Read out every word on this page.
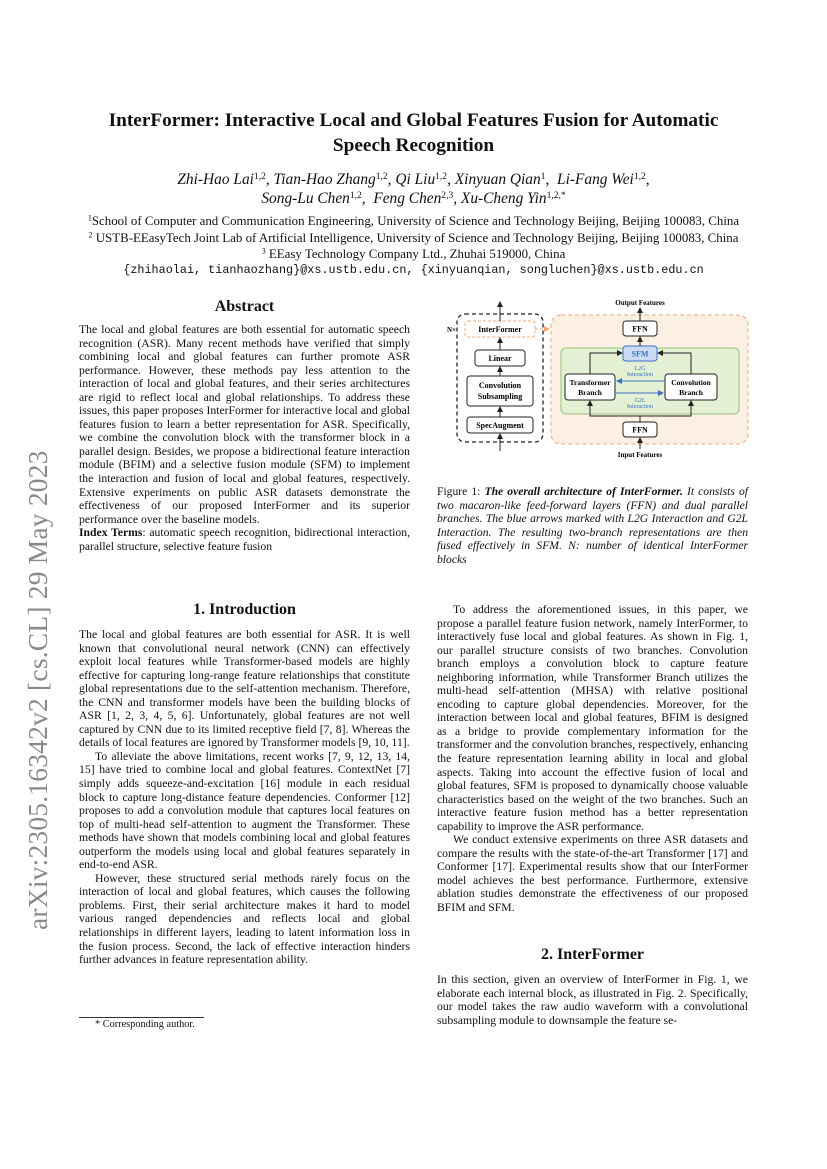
arXiv:2305.16342v2 [cs.CL] 29 May 2023
InterFormer: Interactive Local and Global Features Fusion for Automatic Speech Recognition
Zhi-Hao Lai$^{1,2}$, Tian-Hao Zhang$^{1,2}$, Qi Liu$^{1,2}$, Xinyuan Qian$^1$,  Li-Fang Wei$^{1,2}$,
Song-Lu Chen$^{1,2}$,  Feng Chen$^{2,3}$, Xu-Cheng Yin$^{1,2,*}$
$^1$School of Computer and Communication Engineering, University of Science and Technology Beijing, Beijing 100083, China
$^2$ USTB-EEasyTech Joint Lab of Artificial Intelligence, University of Science and Technology Beijing, Beijing 100083, China
$^3$ EEasy Technology Company Ltd., Zhuhai 519000, China
{zhihaolai, tianhaozhang}@xs.ustb.edu.cn, {xinyuanqian, songluchen}@xs.ustb.edu.cn
Abstract

The local and global features are both essential for automatic speech recognition (ASR). Many recent methods have verified that simply combining local and global features can further promote ASR performance. However, these methods pay less attention to the interaction of local and global features, and their series architectures are rigid to reflect local and global relationships. To address these issues, this paper proposes InterFormer for interactive local and global features fusion to learn a better representation for ASR. Specifically, we combine the convolution block with the transformer block in a parallel design. Besides, we propose a bidirectional feature interaction module (BFIM) and a selective fusion module (SFM) to implement the interaction and fusion of local and global features, respectively. Extensive experiments on public ASR datasets demonstrate the effectiveness of our proposed InterFormer and its superior performance over the baseline models.

Index Terms: automatic speech recognition, bidirectional interaction, parallel structure, selective feature fusion

1. Introduction

The local and global features are both essential for ASR. It is well known that convolutional neural network (CNN) can effectively exploit local features while Transformer-based models are highly effective for capturing long-range feature relationships that constitute global representations due to the self-attention mechanism. Therefore, the CNN and transformer models have been the building blocks of ASR [1, 2, 3, 4, 5, 6]. Unfortunately, global features are not well captured by CNN due to its limited receptive field [7, 8]. Whereas the details of local features are ignored by Transformer models [9, 10, 11].

To alleviate the above limitations, recent works [7, 9, 12, 13, 14, 15] have tried to combine local and global features. ContextNet [7] simply adds squeeze-and-excitation [16] module in each residual block to capture long-distance feature dependencies. Conformer [12] proposes to add a convolution module that captures local features on top of multi-head self-attention to augment the Transformer. These methods have shown that models combining local and global features outperform the models using local and global features separately in end-to-end ASR.

However, these structured serial methods rarely focus on the interaction of local and global features, which causes the following problems. First, their serial architecture makes it hard to model various ranged dependencies and reflects local and global relationships in different layers, leading to latent information loss in the fusion process. Second, the lack of effective interaction hinders further advances in feature representation ability.

* Corresponding author.
N×	InterFormer
Linear
Convolution
Subsampling
SpecAugment
Output Features
Input Features
FFN
SFM
Transformer
Branch
Convolution
Branch
L2G
Interaction
G2L
Interaction
FFN
Figure 1: The overall architecture of InterFormer. It consists of two macaron-like feed-forward layers (FFN) and dual parallel branches. The blue arrows marked with L2G Interaction and G2L Interaction. The resulting two-branch representations are then fused effectively in SFM. N: number of identical InterFormer blocks

To address the aforementioned issues, in this paper, we propose a parallel feature fusion network, namely InterFormer, to interactively fuse local and global features. As shown in Fig. 1, our parallel structure consists of two branches. Convolution branch employs a convolution block to capture feature neighboring information, while Transformer Branch utilizes the multi-head self-attention (MHSA) with relative positional encoding to capture global dependencies. Moreover, for the interaction between local and global features, BFIM is designed as a bridge to provide complementary information for the transformer and the convolution branches, respectively, enhancing the feature representation learning ability in local and global aspects. Taking into account the effective fusion of local and global features, SFM is proposed to dynamically choose valuable characteristics based on the weight of the two branches. Such an interactive feature fusion method has a better representation capability to improve the ASR performance.

We conduct extensive experiments on three ASR datasets and compare the results with the state-of-the-art Transformer [17] and Conformer [17]. Experimental results show that our InterFormer model achieves the best performance. Furthermore, extensive ablation studies demonstrate the effectiveness of our proposed BFIM and SFM.

2. InterFormer
In this section, given an overview of InterFormer in Fig. 1, we elaborate each internal block, as illustrated in Fig. 2. Specifically, our model takes the raw audio waveform with a convolutional subsampling module to downsample the feature se-
